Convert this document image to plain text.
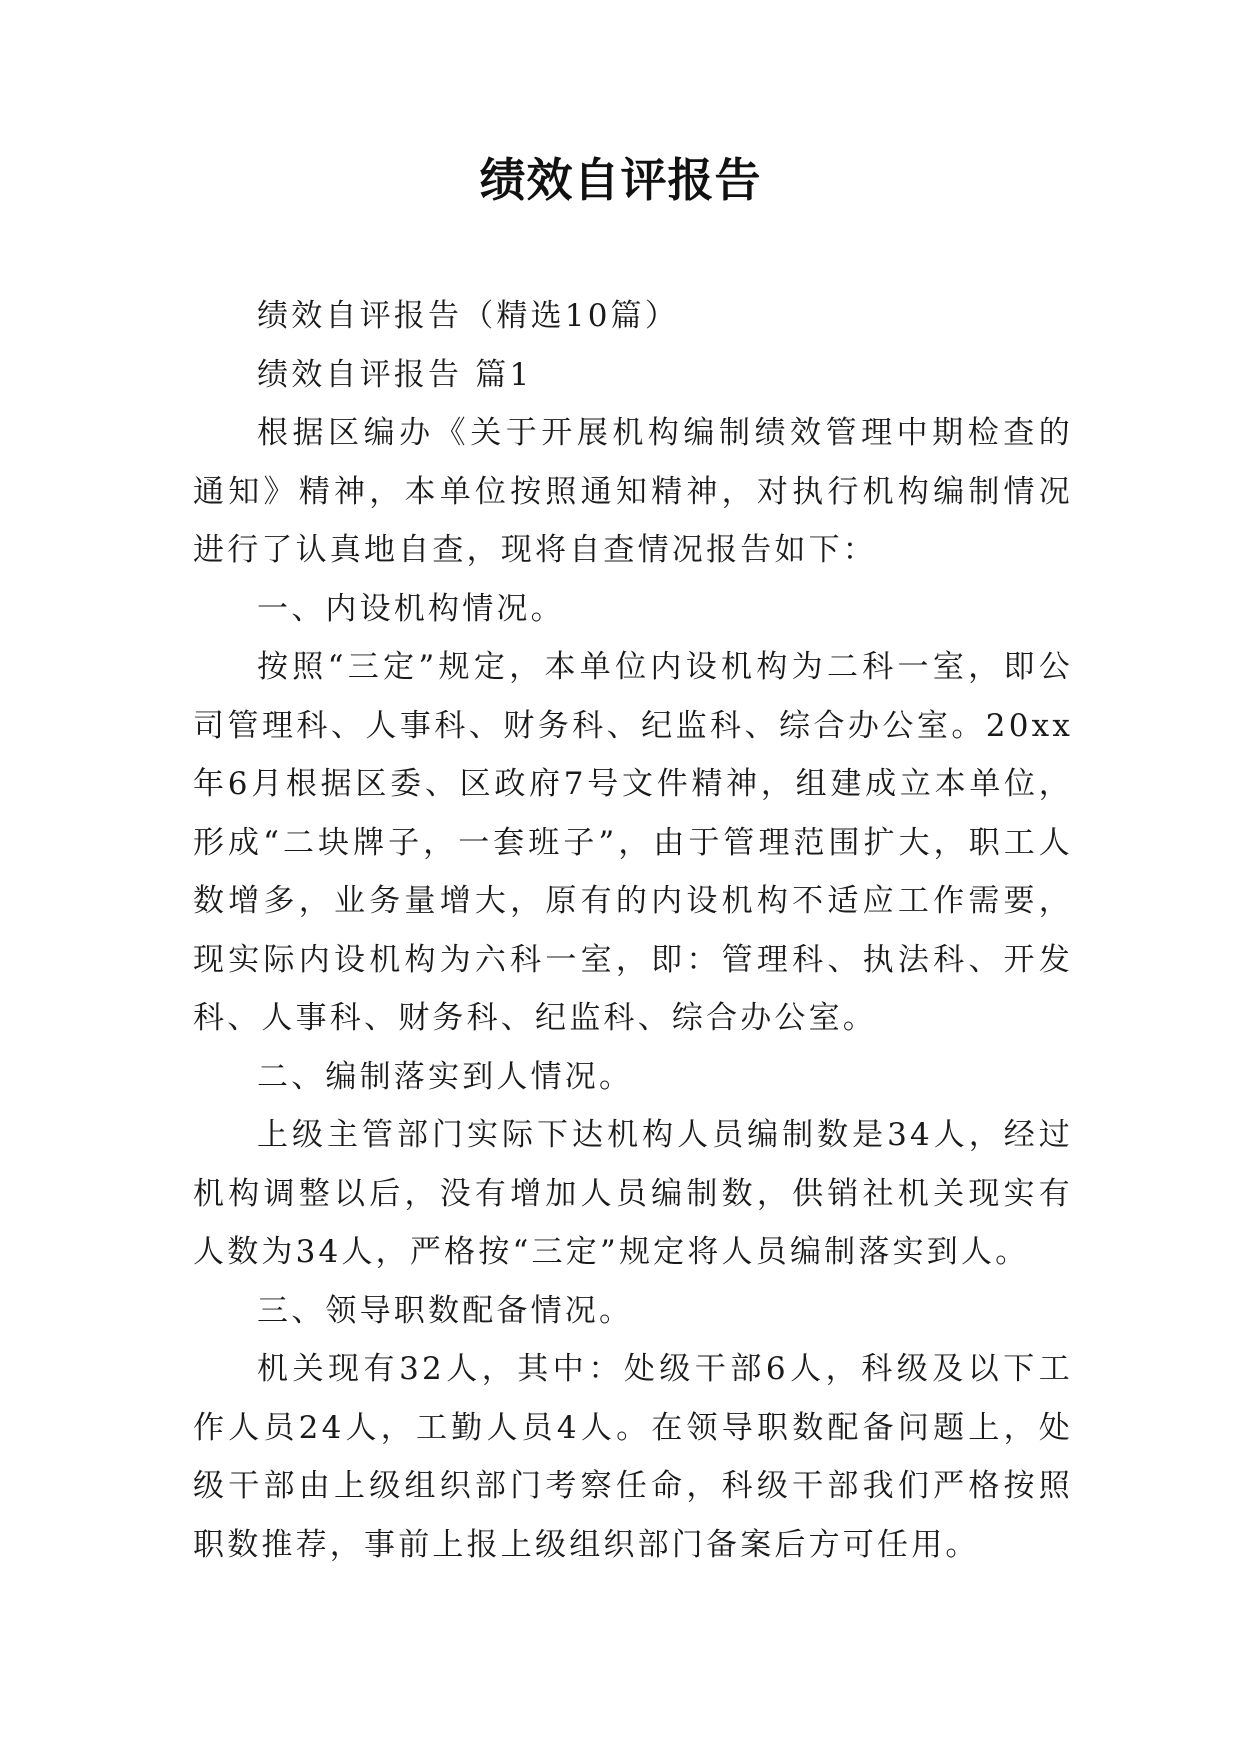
绩效自评报告

绩效自评报告（精选10篇）

绩效自评报告 篇1

根据区编办《关于开展机构编制绩效管理中期检查的通知》精神，本单位按照通知精神，对执行机构编制情况进行了认真地自查，现将自查情况报告如下：

一、内设机构情况。

按照“三定”规定，本单位内设机构为二科一室，即公司管理科、人事科、财务科、纪监科、综合办公室。20xx年6月根据区委、区政府7号文件精神，组建成立本单位，形成“二块牌子，一套班子”，由于管理范围扩大，职工人数增多，业务量增大，原有的内设机构不适应工作需要，现实际内设机构为六科一室，即：管理科、执法科、开发科、人事科、财务科、纪监科、综合办公室。

二、编制落实到人情况。

上级主管部门实际下达机构人员编制数是34人，经过机构调整以后，没有增加人员编制数，供销社机关现实有人数为34人，严格按“三定”规定将人员编制落实到人。

三、领导职数配备情况。

机关现有32人，其中：处级干部6人，科级及以下工作人员24人，工勤人员4人。在领导职数配备问题上，处级干部由上级组织部门考察任命，科级干部我们严格按照职数推荐，事前上报上级组织部门备案后方可任用。
